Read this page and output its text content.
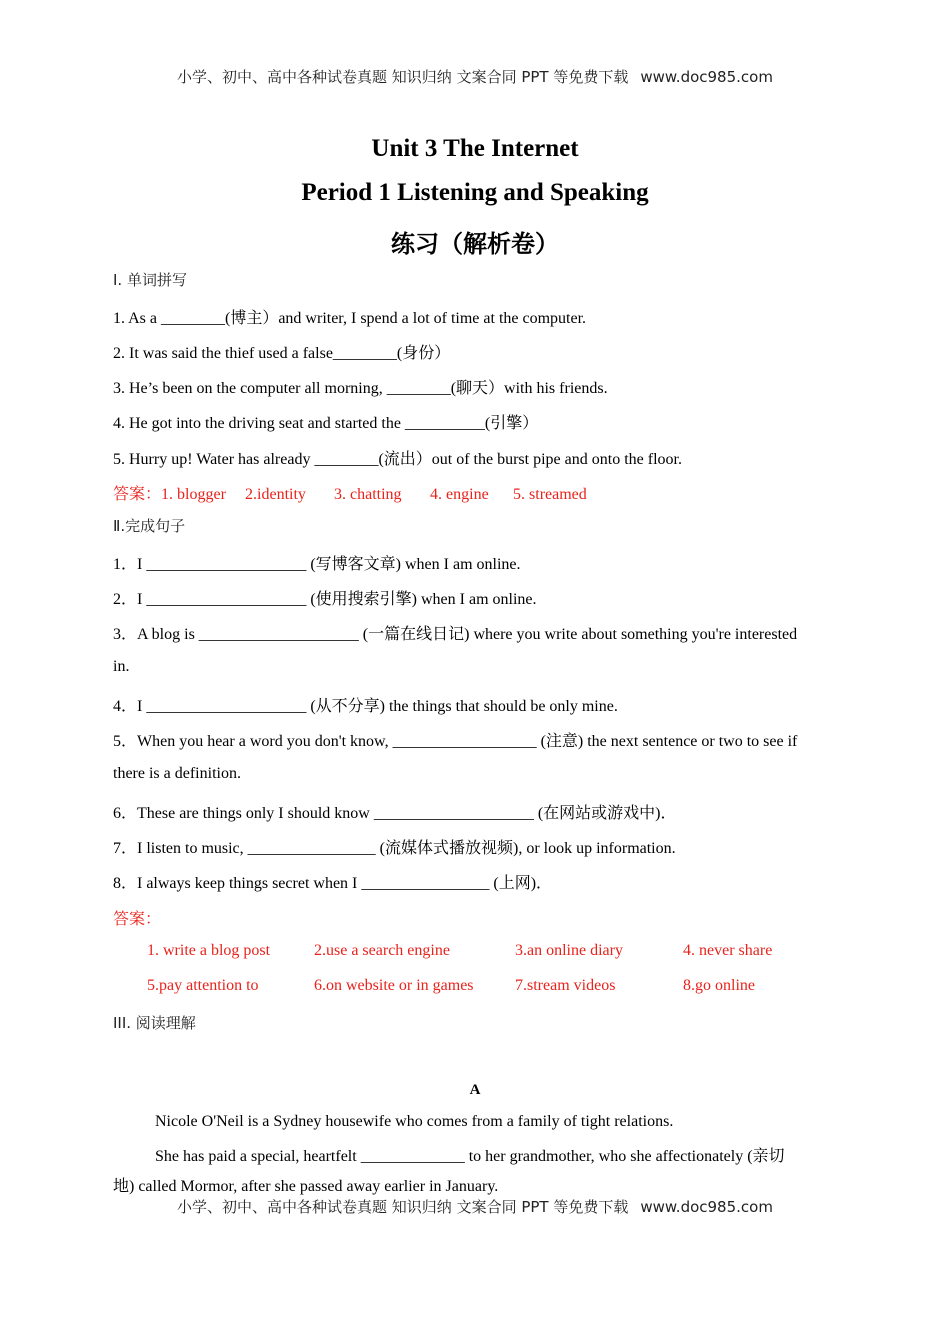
小学、初中、高中各种试卷真题 知识归纳 文案合同 PPT 等免费下载 www.doc985.com
Unit 3 The Internet
Period 1 Listening and Speaking
练习（解析卷）
Ⅰ. 单词拼写
1. As a ________(博主）and writer, I spend a lot of time at the computer.
2. It was said the thief used a false________(身份）
3. He’s been on the computer all morning, ________(聊天）with his friends.
4. He got into the driving seat and started the __________(引擎）
5. Hurry up! Water has already ________(流出）out of the burst pipe and onto the floor.
答案：1. blogger 2.identity 3. chatting 4. engine 5. streamed
Ⅱ.完成句子
1．I ____________________ (写博客文章) when I am online.
2．I ____________________ (使用搜索引擎) when I am online.
3．A blog is ____________________ (一篇在线日记) where you write about something you're interested
in.
4．I ____________________ (从不分享) the things that should be only mine.
5．When you hear a word you don't know, __________________ (注意) the next sentence or two to see if
there is a definition.
6．These are things only I should know ____________________ (在网站或游戏中)．
7．I listen to music, ________________ (流媒体式播放视频), or look up information.
8．I always keep things secret when I ________________ (上网)．
答案：
1. write a blog post	2.use a search engine	3.an online diary	4. never share
5.pay attention to	6.on website or in games	7.stream videos	8.go online
III. 阅读理解
A
Nicole O'Neil is a Sydney housewife who comes from a family of tight relations.
She has paid a special, heartfelt _____________ to her grandmother, who she affectionately (亲切
地) called Mormor, after she passed away earlier in January.
小学、初中、高中各种试卷真题 知识归纳 文案合同 PPT 等免费下载 www.doc985.com
